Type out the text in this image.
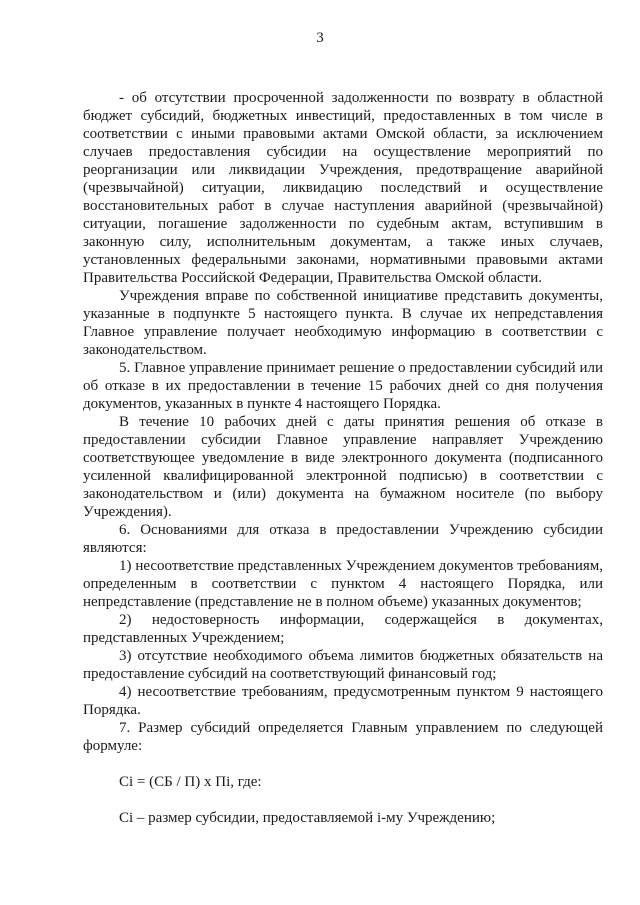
3

- об отсутствии просроченной задолженности по возврату в областной бюджет субсидий, бюджетных инвестиций, предоставленных в том числе в соответствии с иными правовыми актами Омской области, за исключением случаев предоставления субсидии на осуществление мероприятий по реорганизации или ликвидации Учреждения, предотвращение аварийной (чрезвычайной) ситуации, ликвидацию последствий и осуществление восстановительных работ в случае наступления аварийной (чрезвычайной) ситуации, погашение задолженности по судебным актам, вступившим в законную силу, исполнительным документам, а также иных случаев, установленных федеральными законами, нормативными правовыми актами Правительства Российской Федерации, Правительства Омской области.

Учреждения вправе по собственной инициативе представить документы, указанные в подпункте 5 настоящего пункта. В случае их непредставления Главное управление получает необходимую информацию в соответствии с законодательством.

5. Главное управление принимает решение о предоставлении субсидий или об отказе в их предоставлении в течение 15 рабочих дней со дня получения документов, указанных в пункте 4 настоящего Порядка.

В течение 10 рабочих дней с даты принятия решения об отказе в предоставлении субсидии Главное управление направляет Учреждению соответствующее уведомление в виде электронного документа (подписанного усиленной квалифицированной электронной подписью) в соответствии с законодательством и (или) документа на бумажном носителе (по выбору Учреждения).

6. Основаниями для отказа в предоставлении Учреждению субсидии являются:

1) несоответствие представленных Учреждением документов требованиям, определенным в соответствии с пунктом 4 настоящего Порядка, или непредставление (представление не в полном объеме) указанных документов;

2) недостоверность информации, содержащейся в документах, представленных Учреждением;

3) отсутствие необходимого объема лимитов бюджетных обязательств на предоставление субсидий на соответствующий финансовый год;

4) несоответствие требованиям, предусмотренным пунктом 9 настоящего Порядка.

7. Размер субсидий определяется Главным управлением по следующей формуле:

Сi = (СБ / П) х Пi, где:

Сi – размер субсидии, предоставляемой i-му Учреждению;
